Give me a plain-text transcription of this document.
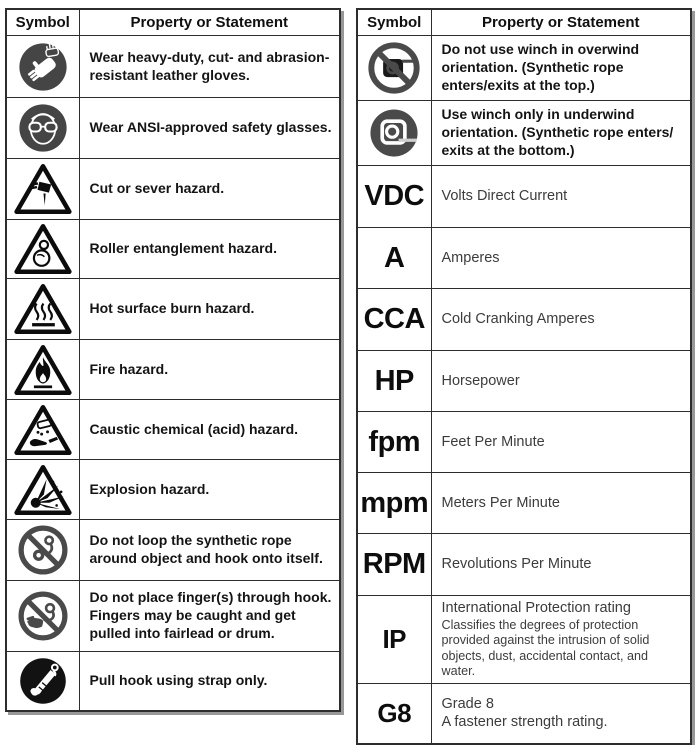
Symbol	Property or Statement

	Wear heavy-duty, cut- and abrasion-resistant leather gloves.

	Wear ANSI-approved safety glasses.

	Cut or sever hazard.

	Roller entanglement hazard.

	Hot surface burn hazard.

	Fire hazard.

	Caustic chemical (acid) hazard.

	Explosion hazard.

	Do not loop the synthetic rope around object and hook onto itself.

	Do not place finger(s) through hook. Fingers may be caught and get pulled into fairlead or drum.

	Pull hook using strap only.
Symbol	Property or Statement

	Do not use winch in overwind orientation. (Synthetic rope enters/exits at the top.)

	Use winch only in underwind orientation. (Synthetic rope enters/ exits at the bottom.)
VDC	Volts Direct Current
A	Amperes
CCA	Cold Cranking Amperes
HP	Horsepower
fpm	Feet Per Minute
mpm	Meters Per Minute
RPM	Revolutions Per Minute
IP	International Protection rating
Classifies the degrees of protection provided against the intrusion of solid objects, dust, accidental contact, and water.

G8	Grade 8
A fastener strength rating.
